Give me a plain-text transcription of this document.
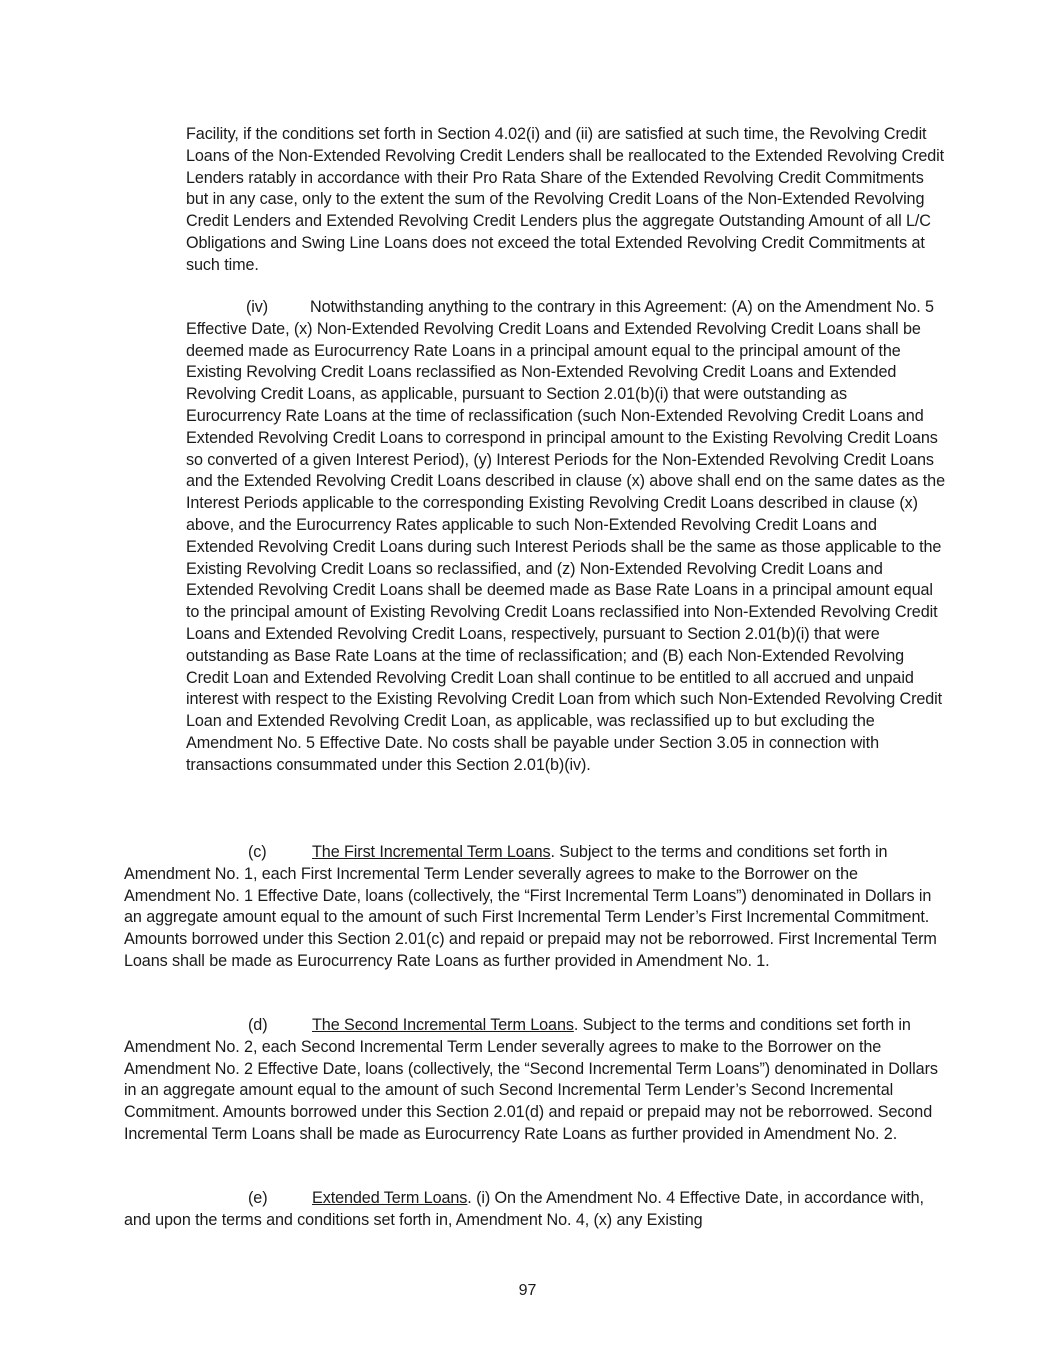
Facility, if the conditions set forth in Section 4.02(i) and (ii) are satisfied at such time, the Revolving Credit Loans of the Non-Extended Revolving Credit Lenders shall be reallocated to the Extended Revolving Credit Lenders ratably in accordance with their Pro Rata Share of the Extended Revolving Credit Commitments but in any case, only to the extent the sum of the Revolving Credit Loans of the Non-Extended Revolving Credit Lenders and Extended Revolving Credit Lenders plus the aggregate Outstanding Amount of all L/C Obligations and Swing Line Loans does not exceed the total Extended Revolving Credit Commitments at such time.

(iv)	Notwithstanding anything to the contrary in this Agreement: (A) on the Amendment No. 5 Effective Date, (x) Non-Extended Revolving Credit Loans and Extended Revolving Credit Loans shall be deemed made as Eurocurrency Rate Loans in a principal amount equal to the principal amount of the Existing Revolving Credit Loans reclassified as Non-Extended Revolving Credit Loans and Extended Revolving Credit Loans, as applicable, pursuant to Section 2.01(b)(i) that were outstanding as Eurocurrency Rate Loans at the time of reclassification (such Non-Extended Revolving Credit Loans and Extended Revolving Credit Loans to correspond in principal amount to the Existing Revolving Credit Loans so converted of a given Interest Period), (y) Interest Periods for the Non-Extended Revolving Credit Loans and the Extended Revolving Credit Loans described in clause (x) above shall end on the same dates as the Interest Periods applicable to the corresponding Existing Revolving Credit Loans described in clause (x) above, and the Eurocurrency Rates applicable to such Non-Extended Revolving Credit Loans and Extended Revolving Credit Loans during such Interest Periods shall be the same as those applicable to the Existing Revolving Credit Loans so reclassified, and (z) Non-Extended Revolving Credit Loans and Extended Revolving Credit Loans shall be deemed made as Base Rate Loans in a principal amount equal to the principal amount of Existing Revolving Credit Loans reclassified into Non-Extended Revolving Credit Loans and Extended Revolving Credit Loans, respectively, pursuant to Section 2.01(b)(i) that were outstanding as Base Rate Loans at the time of reclassification; and (B) each Non-Extended Revolving Credit Loan and Extended Revolving Credit Loan shall continue to be entitled to all accrued and unpaid interest with respect to the Existing Revolving Credit Loan from which such Non-Extended Revolving Credit Loan and Extended Revolving Credit Loan, as applicable, was reclassified up to but excluding the Amendment No. 5 Effective Date. No costs shall be payable under Section 3.05 in connection with transactions consummated under this Section 2.01(b)(iv).

(c)	The First Incremental Term Loans. Subject to the terms and conditions set forth in Amendment No. 1, each First Incremental Term Lender severally agrees to make to the Borrower on the Amendment No. 1 Effective Date, loans (collectively, the “First Incremental Term Loans”) denominated in Dollars in an aggregate amount equal to the amount of such First Incremental Term Lender’s First Incremental Commitment. Amounts borrowed under this Section 2.01(c) and repaid or prepaid may not be reborrowed. First Incremental Term Loans shall be made as Eurocurrency Rate Loans as further provided in Amendment No. 1.

(d)	The Second Incremental Term Loans. Subject to the terms and conditions set forth in Amendment No. 2, each Second Incremental Term Lender severally agrees to make to the Borrower on the Amendment No. 2 Effective Date, loans (collectively, the “Second Incremental Term Loans”) denominated in Dollars in an aggregate amount equal to the amount of such Second Incremental Term Lender’s Second Incremental Commitment. Amounts borrowed under this Section 2.01(d) and repaid or prepaid may not be reborrowed. Second Incremental Term Loans shall be made as Eurocurrency Rate Loans as further provided in Amendment No. 2.

(e)	Extended Term Loans. (i) On the Amendment No. 4 Effective Date, in accordance with, and upon the terms and conditions set forth in, Amendment No. 4, (x) any Existing

97
